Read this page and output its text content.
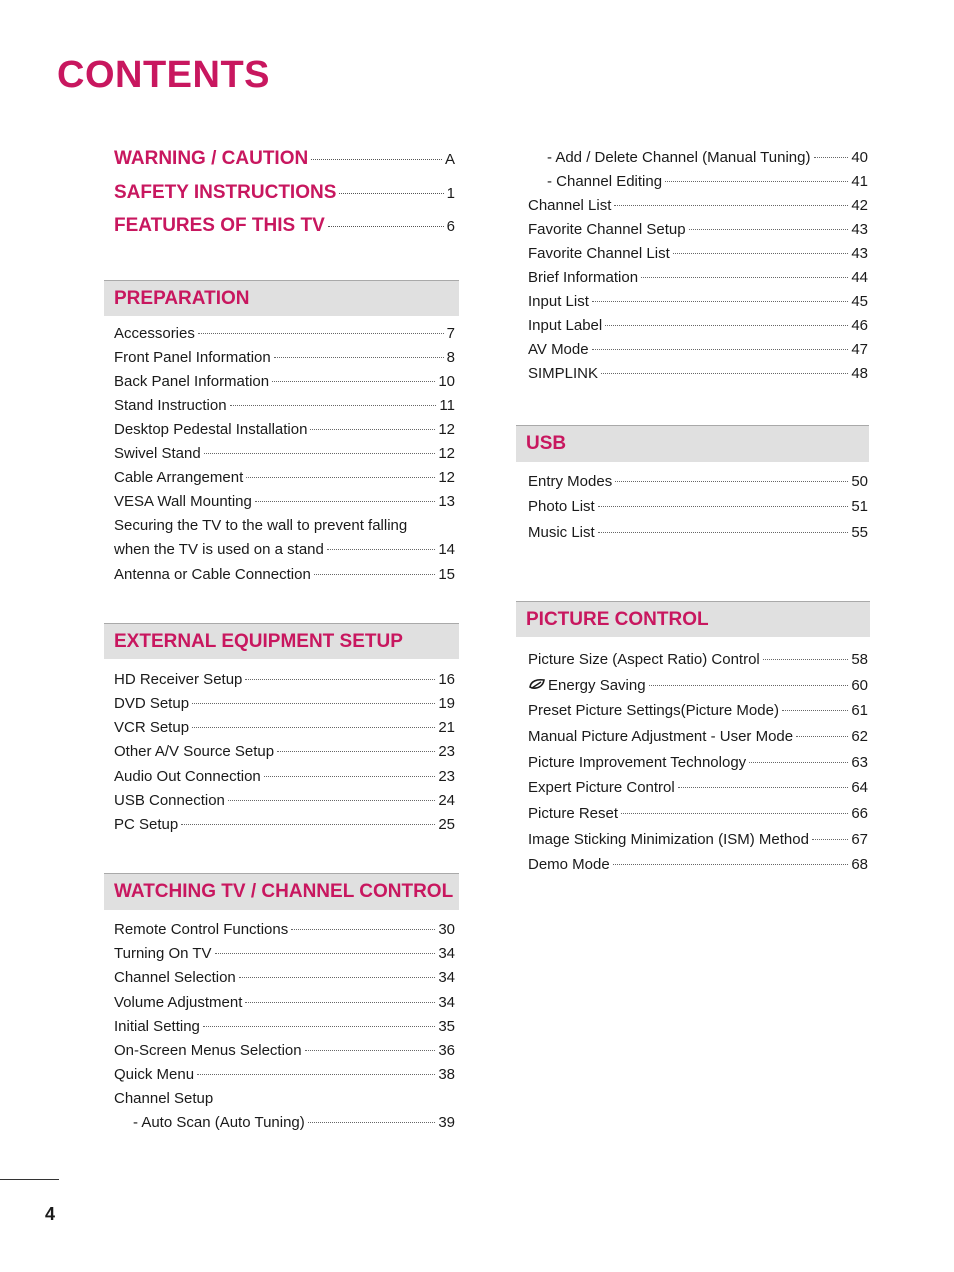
CONTENTS
WARNING / CAUTION	A
SAFETY INSTRUCTIONS	1
FEATURES OF THIS TV	6
PREPARATION
Accessories	7
Front Panel Information	8
Back Panel Information	10
Stand Instruction	11
Desktop Pedestal Installation	12
Swivel Stand	12
Cable Arrangement	12
VESA Wall Mounting	13
Securing the TV to the wall to prevent falling
when the TV is used on a stand	14
Antenna or Cable Connection	15
EXTERNAL EQUIPMENT SETUP
HD Receiver Setup	16
DVD Setup	19
VCR Setup	21
Other A/V Source Setup	23
Audio Out Connection	23
USB Connection	24
PC Setup	25
WATCHING TV / CHANNEL CONTROL
Remote Control Functions	30
Turning On TV	34
Channel Selection	34
Volume Adjustment	34
Initial Setting	35
On-Screen Menus Selection	36
Quick Menu	38
Channel Setup
- Auto Scan (Auto Tuning)	39
- Add / Delete Channel (Manual Tuning)	40
- Channel Editing	41
Channel List	42
Favorite Channel Setup	43
Favorite Channel List	43
Brief Information	44
Input List	45
Input Label	46
AV Mode	47
SIMPLINK	48
USB
Entry Modes	50
Photo List	51
Music List	55
PICTURE CONTROL
Picture Size (Aspect Ratio) Control	58
Energy Saving	60
Preset Picture Settings(Picture Mode)	61
Manual Picture Adjustment - User Mode	62
Picture Improvement Technology	63
Expert Picture Control	64
Picture Reset	66
Image Sticking Minimization (ISM) Method	67
Demo Mode	68
4
